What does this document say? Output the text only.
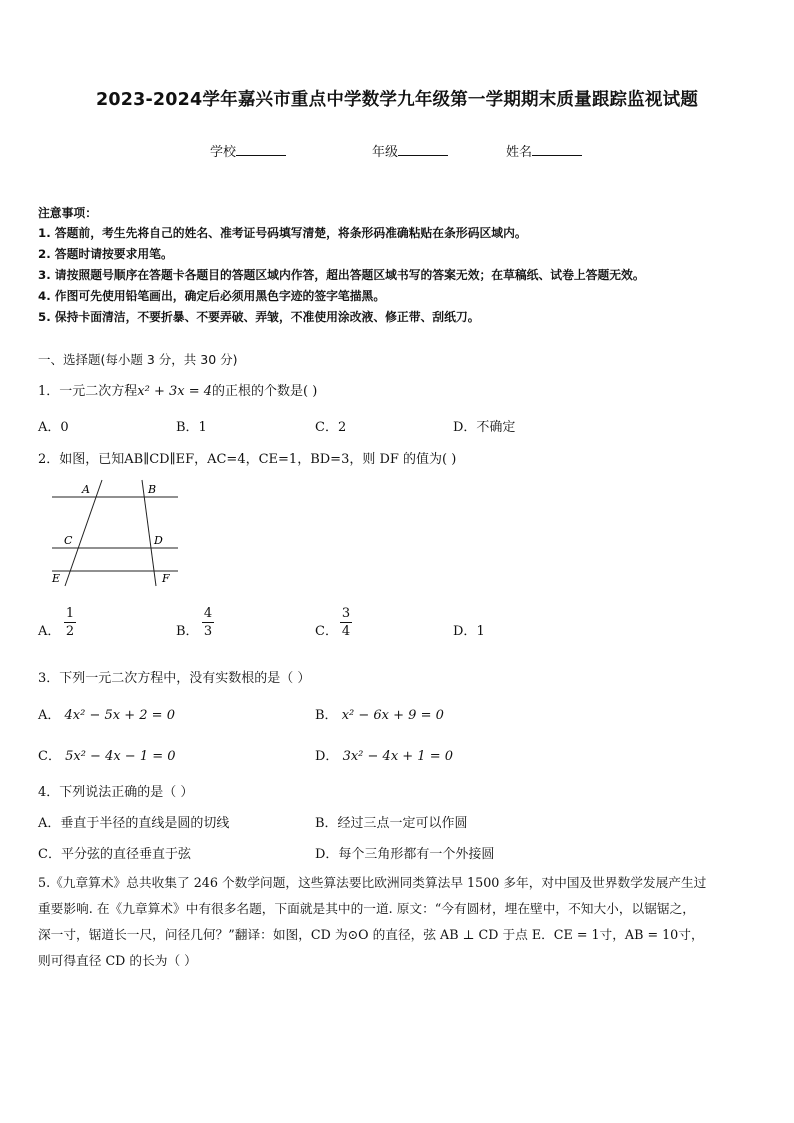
2023-2024学年嘉兴市重点中学数学九年级第一学期期末质量跟踪监视试题
学校	年级	姓名
注意事项：
1. 答题前，考生先将自己的姓名、准考证号码填写清楚，将条形码准确粘贴在条形码区域内。
2. 答题时请按要求用笔。
3. 请按照题号顺序在答题卡各题目的答题区域内作答，超出答题区域书写的答案无效；在草稿纸、试卷上答题无效。
4. 作图可先使用铅笔画出，确定后必须用黑色字迹的签字笔描黑。
5. 保持卡面清洁，不要折暴、不要弄破、弄皱，不准使用涂改液、修正带、刮纸刀。
一、选择题(每小题 3 分，共 30 分)
1．一元二次方程x² + 3x = 4的正根的个数是( )
A．0	B．1	C．2	D．不确定
2．如图，已知AB∥CD∥EF，AC=4，CE=1，BD=3，则 DF 的值为( )
A	B
C	D
E	F
A．
1
2	B．
4
3	C．
3
4	D．1
3．下列一元二次方程中，没有实数根的是（ ）
A． 4x² − 5x + 2 = 0	B． x² − 6x + 9 = 0
C． 5x² − 4x − 1 = 0	D． 3x² − 4x + 1 = 0
4．下列说法正确的是（ ）
A．垂直于半径的直线是圆的切线	B．经过三点一定可以作圆
C．平分弦的直径垂直于弦	D．每个三角形都有一个外接圆
5.《九章算术》总共收集了 246 个数学问题，这些算法要比欧洲同类算法早 1500 多年，对中国及世界数学发展产生过
重要影响. 在《九章算术》中有很多名题，下面就是其中的一道. 原文：“今有圆材，埋在壁中，不知大小，以锯锯之，
深一寸，锯道长一尺，问径几何？”翻译：如图，CD 为⊙O 的直径，弦 AB ⊥ CD 于点 E．CE = 1寸，AB = 10寸，
则可得直径 CD 的长为（ ）
